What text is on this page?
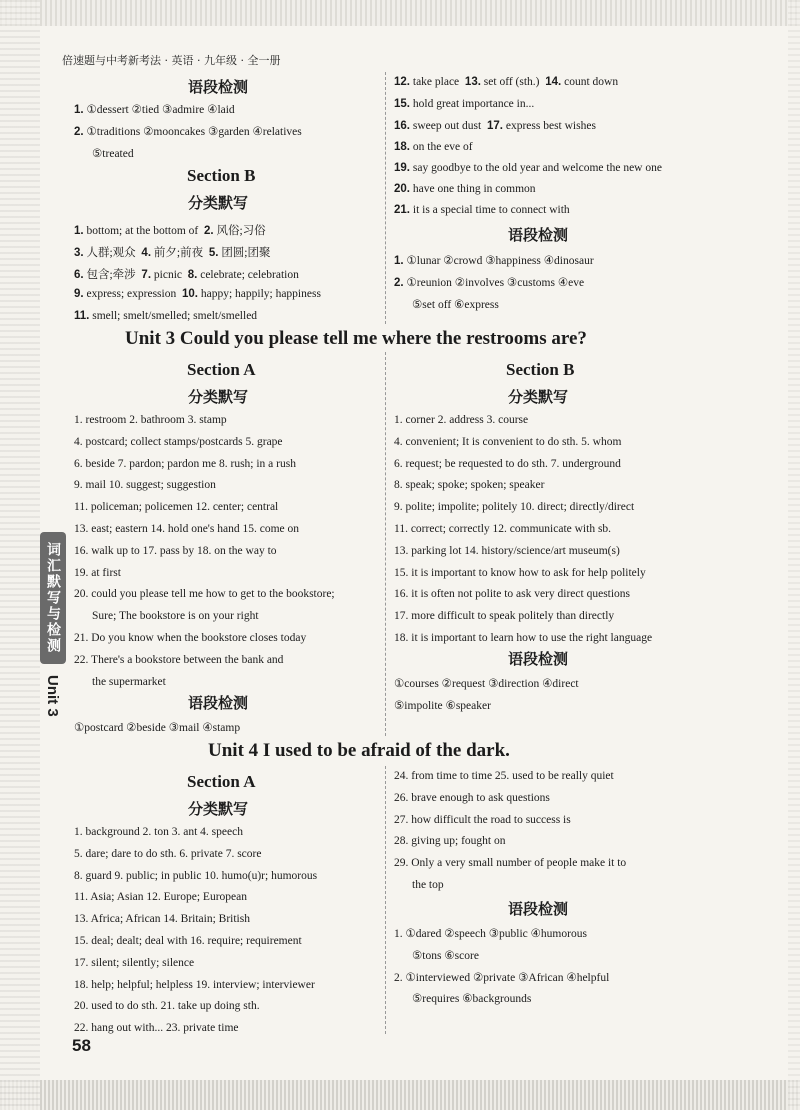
倍速题与中考新考法 · 英语 · 九年级 · 全一册
词汇默写与检测
Unit 3
58
语段检测
1. ①dessert ②tied ③admire ④laid
2. ①traditions ②mooncakes ③garden ④relatives
⑤treated
Section B
分类默写
1. bottom; at the bottom of 2. 风俗;习俗
3. 人群;观众 4. 前夕;前夜 5. 团圆;团聚
6. 包含;牵涉 7. picnic 8. celebrate; celebration
9. express; expression 10. happy; happily; happiness
11. smell; smelt/smelled; smelt/smelled
12. take place 13. set off (sth.) 14. count down
15. hold great importance in...
16. sweep out dust 17. express best wishes
18. on the eve of
19. say goodbye to the old year and welcome the new one
20. have one thing in common
21. it is a special time to connect with
语段检测
1. ①lunar ②crowd ③happiness ④dinosaur
2. ①reunion ②involves ③customs ④eve
⑤set off ⑥express
Unit 3 Could you please tell me where the restrooms are?
Section A
分类默写
1. restroom 2. bathroom 3. stamp
4. postcard; collect stamps/postcards 5. grape
6. beside 7. pardon; pardon me 8. rush; in a rush
9. mail 10. suggest; suggestion
11. policeman; policemen 12. center; central
13. east; eastern 14. hold one's hand 15. come on
16. walk up to 17. pass by 18. on the way to
19. at first
20. could you please tell me how to get to the bookstore;
Sure; The bookstore is on your right
21. Do you know when the bookstore closes today
22. There's a bookstore between the bank and
the supermarket
语段检测
①postcard ②beside ③mail ④stamp
Section B
分类默写
1. corner 2. address 3. course
4. convenient; It is convenient to do sth. 5. whom
6. request; be requested to do sth. 7. underground
8. speak; spoke; spoken; speaker
9. polite; impolite; politely 10. direct; directly/direct
11. correct; correctly 12. communicate with sb.
13. parking lot 14. history/science/art museum(s)
15. it is important to know how to ask for help politely
16. it is often not polite to ask very direct questions
17. more difficult to speak politely than directly
18. it is important to learn how to use the right language
语段检测
①courses ②request ③direction ④direct
⑤impolite ⑥speaker
Unit 4 I used to be afraid of the dark.
Section A
分类默写
1. background 2. ton 3. ant 4. speech
5. dare; dare to do sth. 6. private 7. score
8. guard 9. public; in public 10. humo(u)r; humorous
11. Asia; Asian 12. Europe; European
13. Africa; African 14. Britain; British
15. deal; dealt; deal with 16. require; requirement
17. silent; silently; silence
18. help; helpful; helpless 19. interview; interviewer
20. used to do sth. 21. take up doing sth.
22. hang out with... 23. private time
24. from time to time 25. used to be really quiet
26. brave enough to ask questions
27. how difficult the road to success is
28. giving up; fought on
29. Only a very small number of people make it to
the top
语段检测
1. ①dared ②speech ③public ④humorous
⑤tons ⑥score
2. ①interviewed ②private ③African ④helpful
⑤requires ⑥backgrounds
